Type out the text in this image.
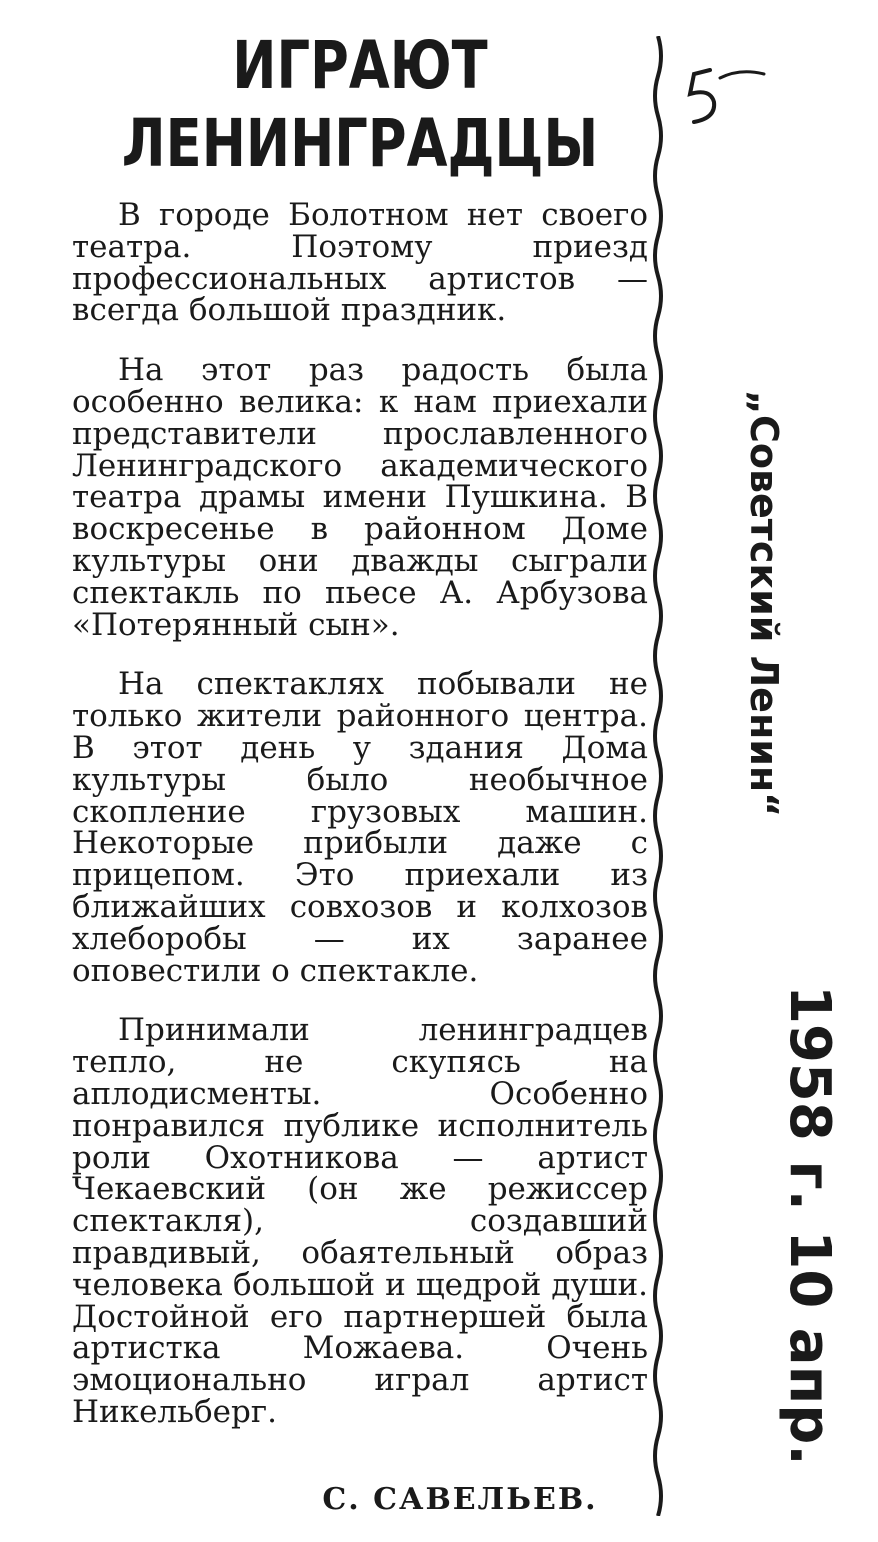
ИГРАЮТ
ЛЕНИНГРАДЦЫ

В городе Болотном нет своего театра. Поэтому приезд профессиональных артистов — всегда большой праздник.

На этот раз радость была особенно велика: к нам приехали представители прославленного Ленинградского академического театра драмы имени Пушкина. В воскресенье в районном Доме культуры они дважды сыграли спектакль по пьесе А. Арбузова «Потерянный сын».

На спектаклях побывали не только жители районного центра. В этот день у здания Дома культуры было необычное скопление грузовых машин. Некоторые прибыли даже с прицепом. Это приехали из ближайших совхозов и колхозов хлеборобы — их заранее оповестили о спектакле.

Принимали ленинградцев тепло, не скупясь на аплодисменты. Особенно понравился публике исполнитель роли Охотникова — артист Чекаевский (он же режиссер спектакля), создавший правдивый, обаятельный образ человека большой и щедрой души. Достойной его партнершей была артистка Можаева. Очень эмоционально играл артист Никельберг.

С. САВЕЛЬЕВ.
„Советский Ленин“
1958 г. 10 апр.
